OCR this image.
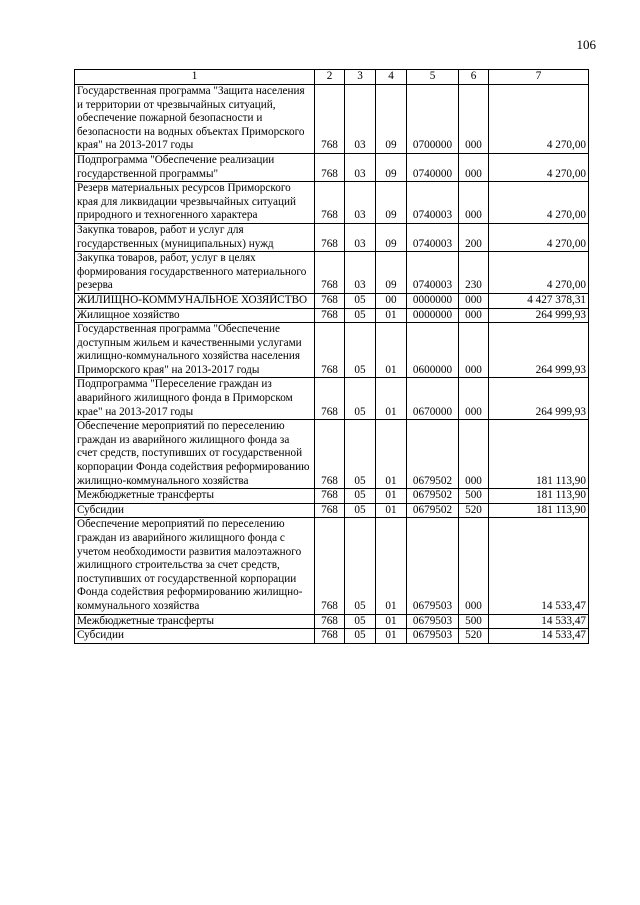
106
1	2	3	4	5	6	7
Государственная программа "Защита населения и территории от чрезвычайных ситуаций, обеспечение пожарной безопасности и безопасности на водных объектах Приморского края" на 2013-2017 годы	768	03	09	0700000	000	4 270,00
Подпрограмма "Обеспечение реализации государственной программы"	768	03	09	0740000	000	4 270,00
Резерв материальных ресурсов Приморского края для ликвидации чрезвычайных ситуаций природного и техногенного характера	768	03	09	0740003	000	4 270,00
Закупка товаров, работ и услуг для государственных (муниципальных) нужд	768	03	09	0740003	200	4 270,00
Закупка товаров, работ, услуг в целях формирования государственного материального резерва	768	03	09	0740003	230	4 270,00
ЖИЛИЩНО-КОММУНАЛЬНОЕ ХОЗЯЙСТВО	768	05	00	0000000	000	4 427 378,31
Жилищное хозяйство	768	05	01	0000000	000	264 999,93
Государственная программа "Обеспечение доступным жильем и качественными услугами жилищно-коммунального хозяйства населения Приморского края" на 2013-2017 годы	768	05	01	0600000	000	264 999,93
Подпрограмма "Переселение граждан из аварийного жилищного фонда в Приморском крае" на 2013-2017 годы	768	05	01	0670000	000	264 999,93
Обеспечение мероприятий по переселению граждан из аварийного жилищного фонда за счет средств, поступивших от государственной корпорации Фонда содействия реформированию жилищно-коммунального хозяйства	768	05	01	0679502	000	181 113,90
Межбюджетные трансферты	768	05	01	0679502	500	181 113,90
Субсидии	768	05	01	0679502	520	181 113,90
Обеспечение мероприятий по переселению граждан из аварийного жилищного фонда с учетом необходимости развития малоэтажного жилищного строительства за счет средств, поступивших от государственной корпорации Фонда содействия реформированию жилищно-коммунального хозяйства	768	05	01	0679503	000	14 533,47
Межбюджетные трансферты	768	05	01	0679503	500	14 533,47
Субсидии	768	05	01	0679503	520	14 533,47
